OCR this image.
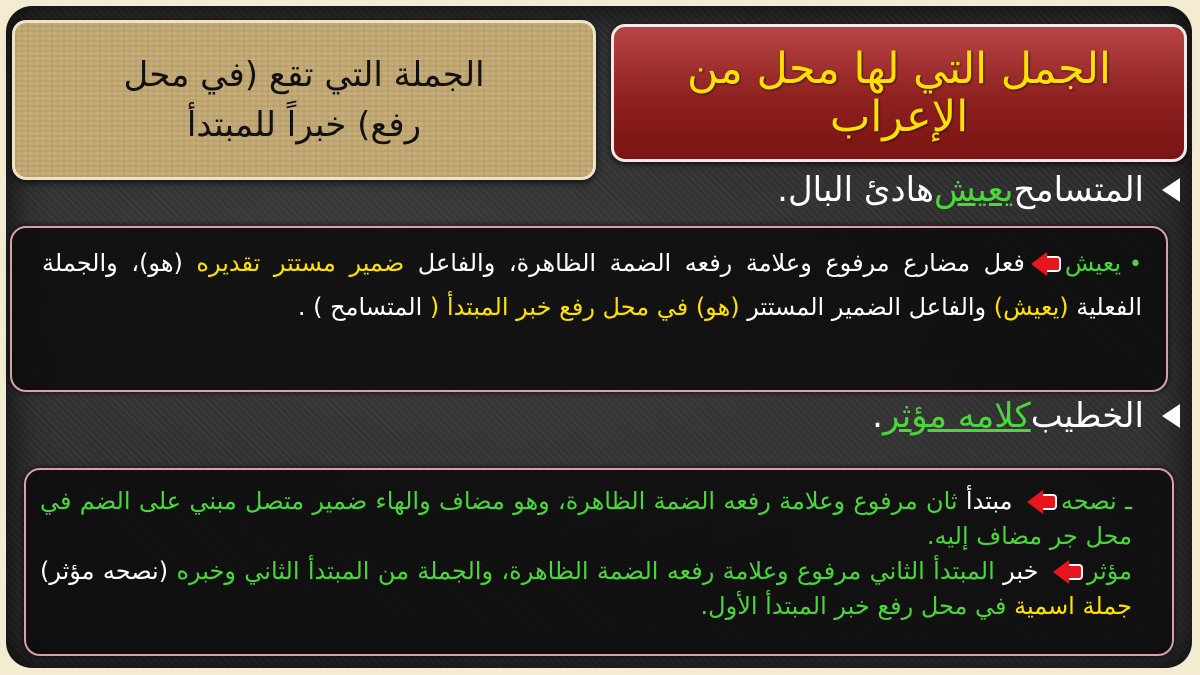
الجمل التي لها محل من الإعراب
الجملة التي تقع (في محل رفع) خبراً للمبتدأ
المتسامح
يعيش
هادئ البال.
•يعيشفعل مضارع مرفوع وعلامة رفعه الضمة الظاهرة، والفاعل ضمير مستتر تقديره (هو)، والجملة الفعلية (يعيش) والفاعل الضمير المستتر (هو) في محل رفع خبر المبتدأ ( المتسامح ) .
الخطيب
كلامه مؤثر
.
ـ نصحه مبتدأ ثان مرفوع وعلامة رفعه الضمة الظاهرة، وهو مضاف والهاء ضمير متصل مبني على الضم في محل جر مضاف إليه.
مؤثر خبر المبتدأ الثاني مرفوع وعلامة رفعه الضمة الظاهرة، والجملة من المبتدأ الثاني وخبره (نصحه مؤثر) جملة اسمية في محل رفع خبر المبتدأ الأول.
